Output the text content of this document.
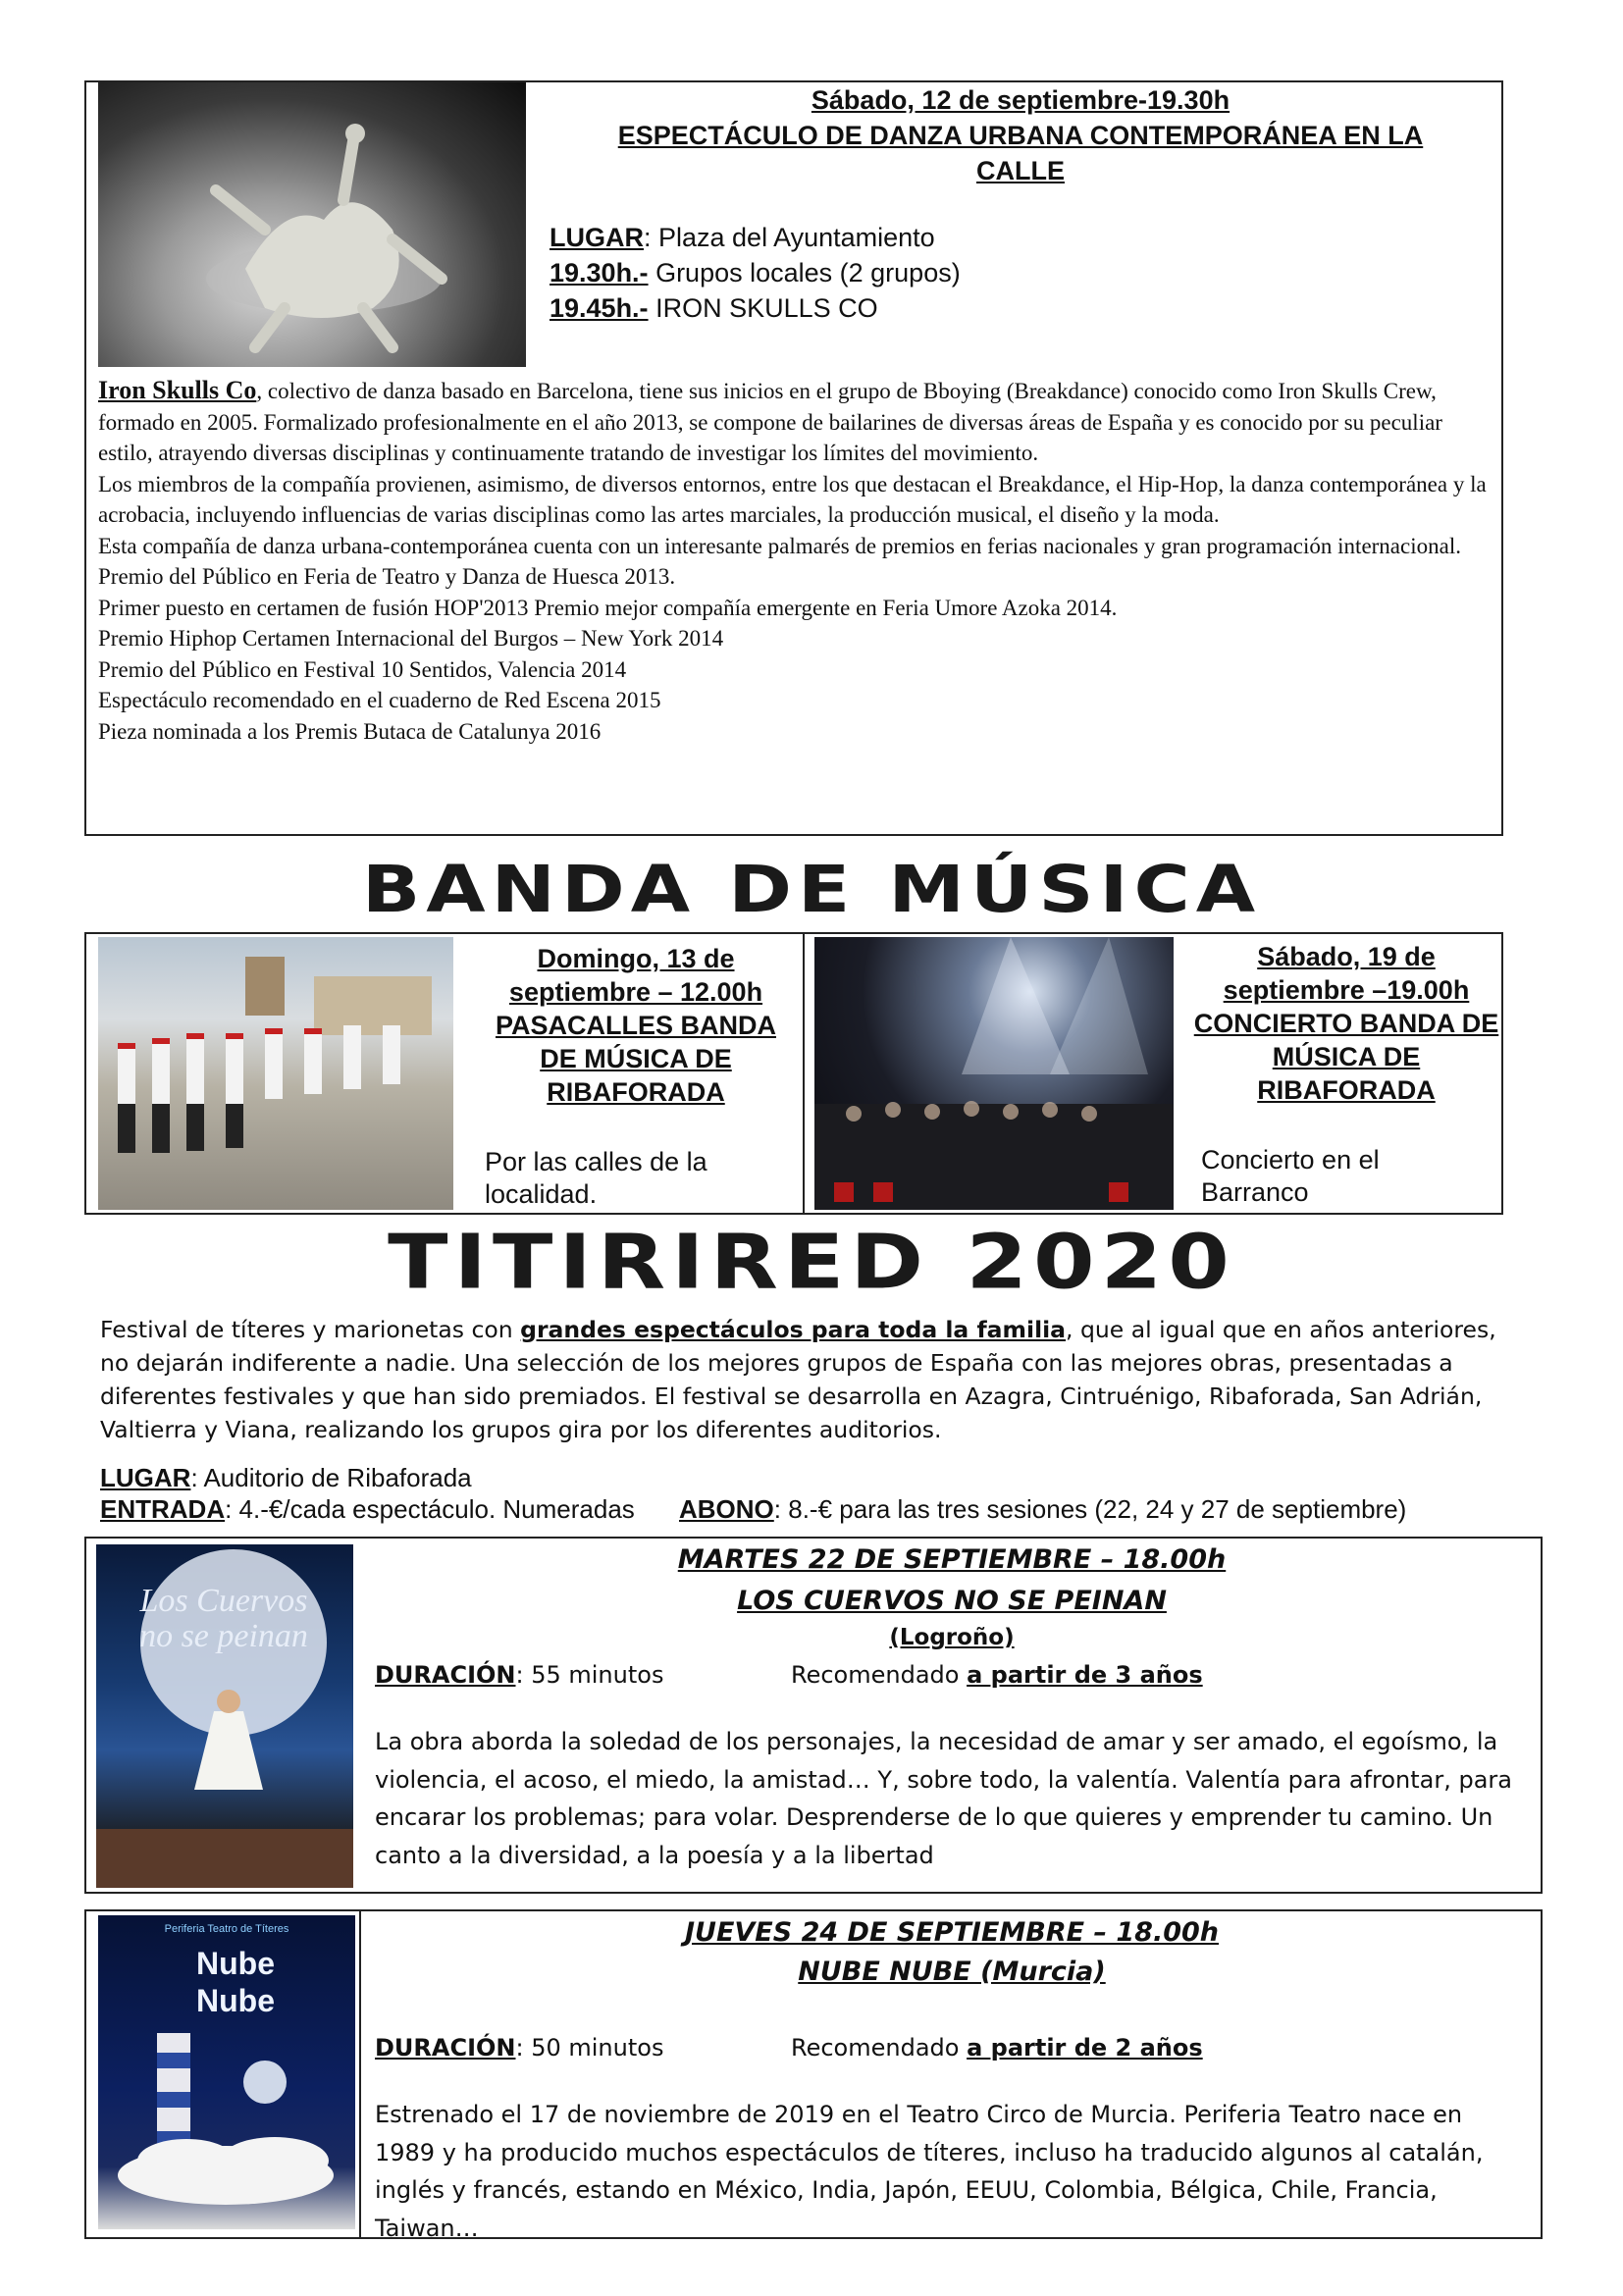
Sábado, 12 de septiembre-19.30h
ESPECTÁCULO DE DANZA URBANA CONTEMPORÁNEA EN LA CALLE
LUGAR: Plaza del Ayuntamiento
19.30h.- Grupos locales (2 grupos)
19.45h.- IRON SKULLS CO

Iron Skulls Co, colectivo de danza basado en Barcelona, tiene sus inicios en el grupo de Bboying (Breakdance) conocido como Iron Skulls Crew, formado en 2005. Formalizado profesionalmente en el año 2013, se compone de bailarines de diversas áreas de España y es conocido por su peculiar estilo, atrayendo diversas disciplinas y continuamente tratando de investigar los límites del movimiento.

Los miembros de la compañía provienen, asimismo, de diversos entornos, entre los que destacan el Breakdance, el Hip-Hop, la danza contemporánea y la acrobacia, incluyendo influencias de varias disciplinas como las artes marciales, la producción musical, el diseño y la moda.

Esta compañía de danza urbana-contemporánea cuenta con un interesante palmarés de premios en ferias nacionales y gran programación internacional.

Premio del Público en Feria de Teatro y Danza de Huesca 2013.

Primer puesto en certamen de fusión HOP'2013 Premio mejor compañía emergente en Feria Umore Azoka 2014.

Premio Hiphop Certamen Internacional del Burgos – New York 2014

Premio del Público en Festival 10 Sentidos, Valencia 2014

Espectáculo recomendado en el cuaderno de Red Escena 2015

Pieza nominada a los Premis Butaca de Catalunya 2016

BANDA DE MÚSICA
Domingo, 13 de septiembre – 12.00h
PASACALLES BANDA DE MÚSICA DE RIBAFORADA
Por las calles de la localidad.
Sábado, 19 de septiembre –19.00h
CONCIERTO BANDA DE MÚSICA DE RIBAFORADA
Concierto en el Barranco
TITIRIRED 2020
Festival de títeres y marionetas con grandes espectáculos para toda la familia, que al igual que en años anteriores, no dejarán indiferente a nadie. Una selección de los mejores grupos de España con las mejores obras, presentadas a diferentes festivales y que han sido premiados. El festival se desarrolla en Azagra, Cintruénigo, Ribaforada, San Adrián, Valtierra y Viana, realizando los grupos gira por los diferentes auditorios.
LUGAR: Auditorio de Ribaforada
ENTRADA: 4.-€/cada espectáculo. Numeradas ABONO: 8.-€ para las tres sesiones (22, 24 y 27 de septiembre)
Los Cuervos no se peinan
MARTES 22 DE SEPTIEMBRE – 18.00h
LOS CUERVOS NO SE PEINAN
(Logroño)
DURACIÓN: 55 minutos	Recomendado a partir de 3 años
La obra aborda la soledad de los personajes, la necesidad de amar y ser amado, el egoísmo, la violencia, el acoso, el miedo, la amistad… Y, sobre todo, la valentía. Valentía para afrontar, para encarar los problemas; para volar. Desprenderse de lo que quieres y emprender tu camino. Un canto a la diversidad, a la poesía y a la libertad
Periferia Teatro de Títeres
Nube Nube
JUEVES 24 DE SEPTIEMBRE – 18.00h
NUBE NUBE (Murcia)
DURACIÓN: 50 minutos	Recomendado a partir de 2 años
Estrenado el 17 de noviembre de 2019 en el Teatro Circo de Murcia. Periferia Teatro nace en 1989 y ha producido muchos espectáculos de títeres, incluso ha traducido algunos al catalán, inglés y francés, estando en México, India, Japón, EEUU, Colombia, Bélgica, Chile, Francia, Taiwan…
